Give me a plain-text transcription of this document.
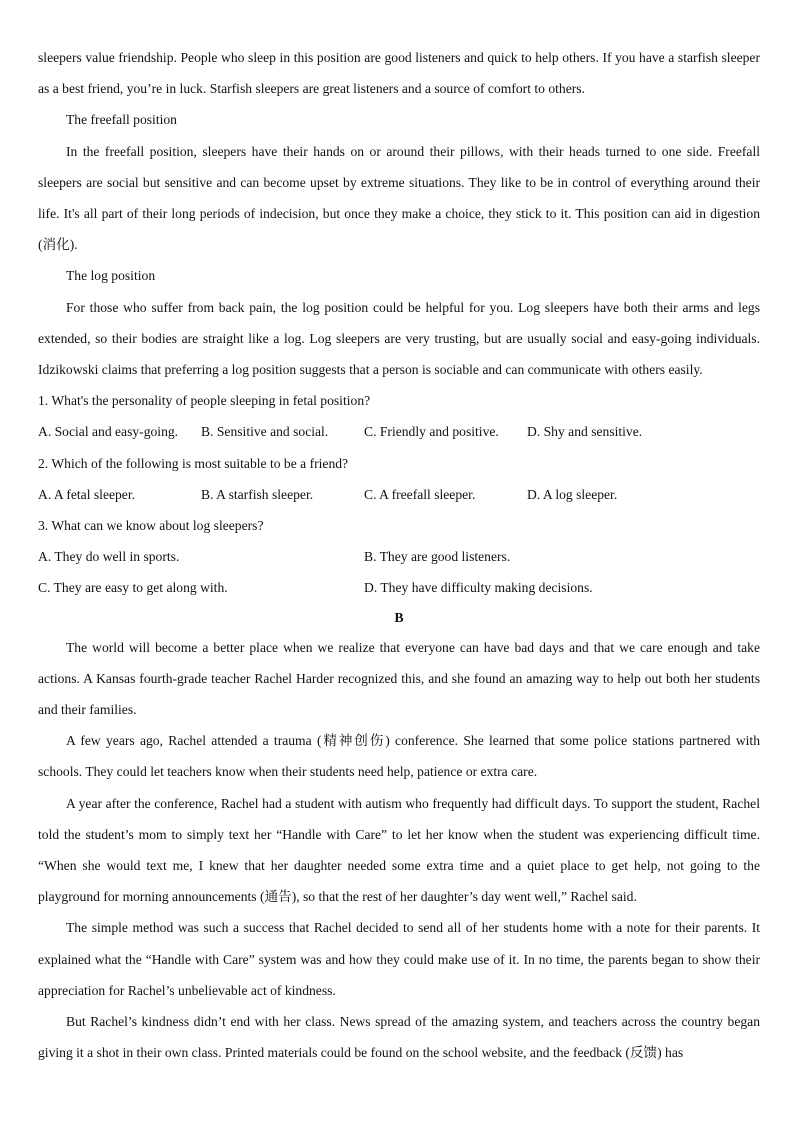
sleepers value friendship. People who sleep in this position are good listeners and quick to help others. If you have a starfish sleeper as a best friend, you’re in luck. Starfish sleepers are great listeners and a source of comfort to others.

The freefall position

In the freefall position, sleepers have their hands on or around their pillows, with their heads turned to one side. Freefall sleepers are social but sensitive and can become upset by extreme situations. They like to be in control of everything around their life. It's all part of their long periods of indecision, but once they make a choice, they stick to it. This position can aid in digestion (消化).

The log position

For those who suffer from back pain, the log position could be helpful for you. Log sleepers have both their arms and legs extended, so their bodies are straight like a log. Log sleepers are very trusting, but are usually social and easy-going individuals. Idzikowski claims that preferring a log position suggests that a person is sociable and can communicate with others easily.

1. What's the personality of people sleeping in fetal position?

A. Social and easy-going.	B. Sensitive and social.	C. Friendly and positive.	D. Shy and sensitive.

2. Which of the following is most suitable to be a friend?

A. A fetal sleeper.	B. A starfish sleeper.	C. A freefall sleeper.	D. A log sleeper.

3. What can we know about log sleepers?

A. They do well in sports.	B. They are good listeners.
C. They are easy to get along with.	D. They have difficulty making decisions.

B

The world will become a better place when we realize that everyone can have bad days and that we care enough and take actions. A Kansas fourth-grade teacher Rachel Harder recognized this, and she found an amazing way to help out both her students and their families.

A few years ago, Rachel attended a trauma (精神创伤) conference. She learned that some police stations partnered with schools. They could let teachers know when their students need help, patience or extra care.

A year after the conference, Rachel had a student with autism who frequently had difficult days. To support the student, Rachel told the student’s mom to simply text her “Handle with Care” to let her know when the student was experiencing difficult time. “When she would text me, I knew that her daughter needed some extra time and a quiet place to get help, not going to the playground for morning announcements (通告), so that the rest of her daughter’s day went well,” Rachel said.

The simple method was such a success that Rachel decided to send all of her students home with a note for their parents. It explained what the “Handle with Care” system was and how they could make use of it. In no time, the parents began to show their appreciation for Rachel’s unbelievable act of kindness.

But Rachel’s kindness didn’t end with her class. News spread of the amazing system, and teachers across the country began giving it a shot in their own class. Printed materials could be found on the school website, and the feedback (反馈) has
